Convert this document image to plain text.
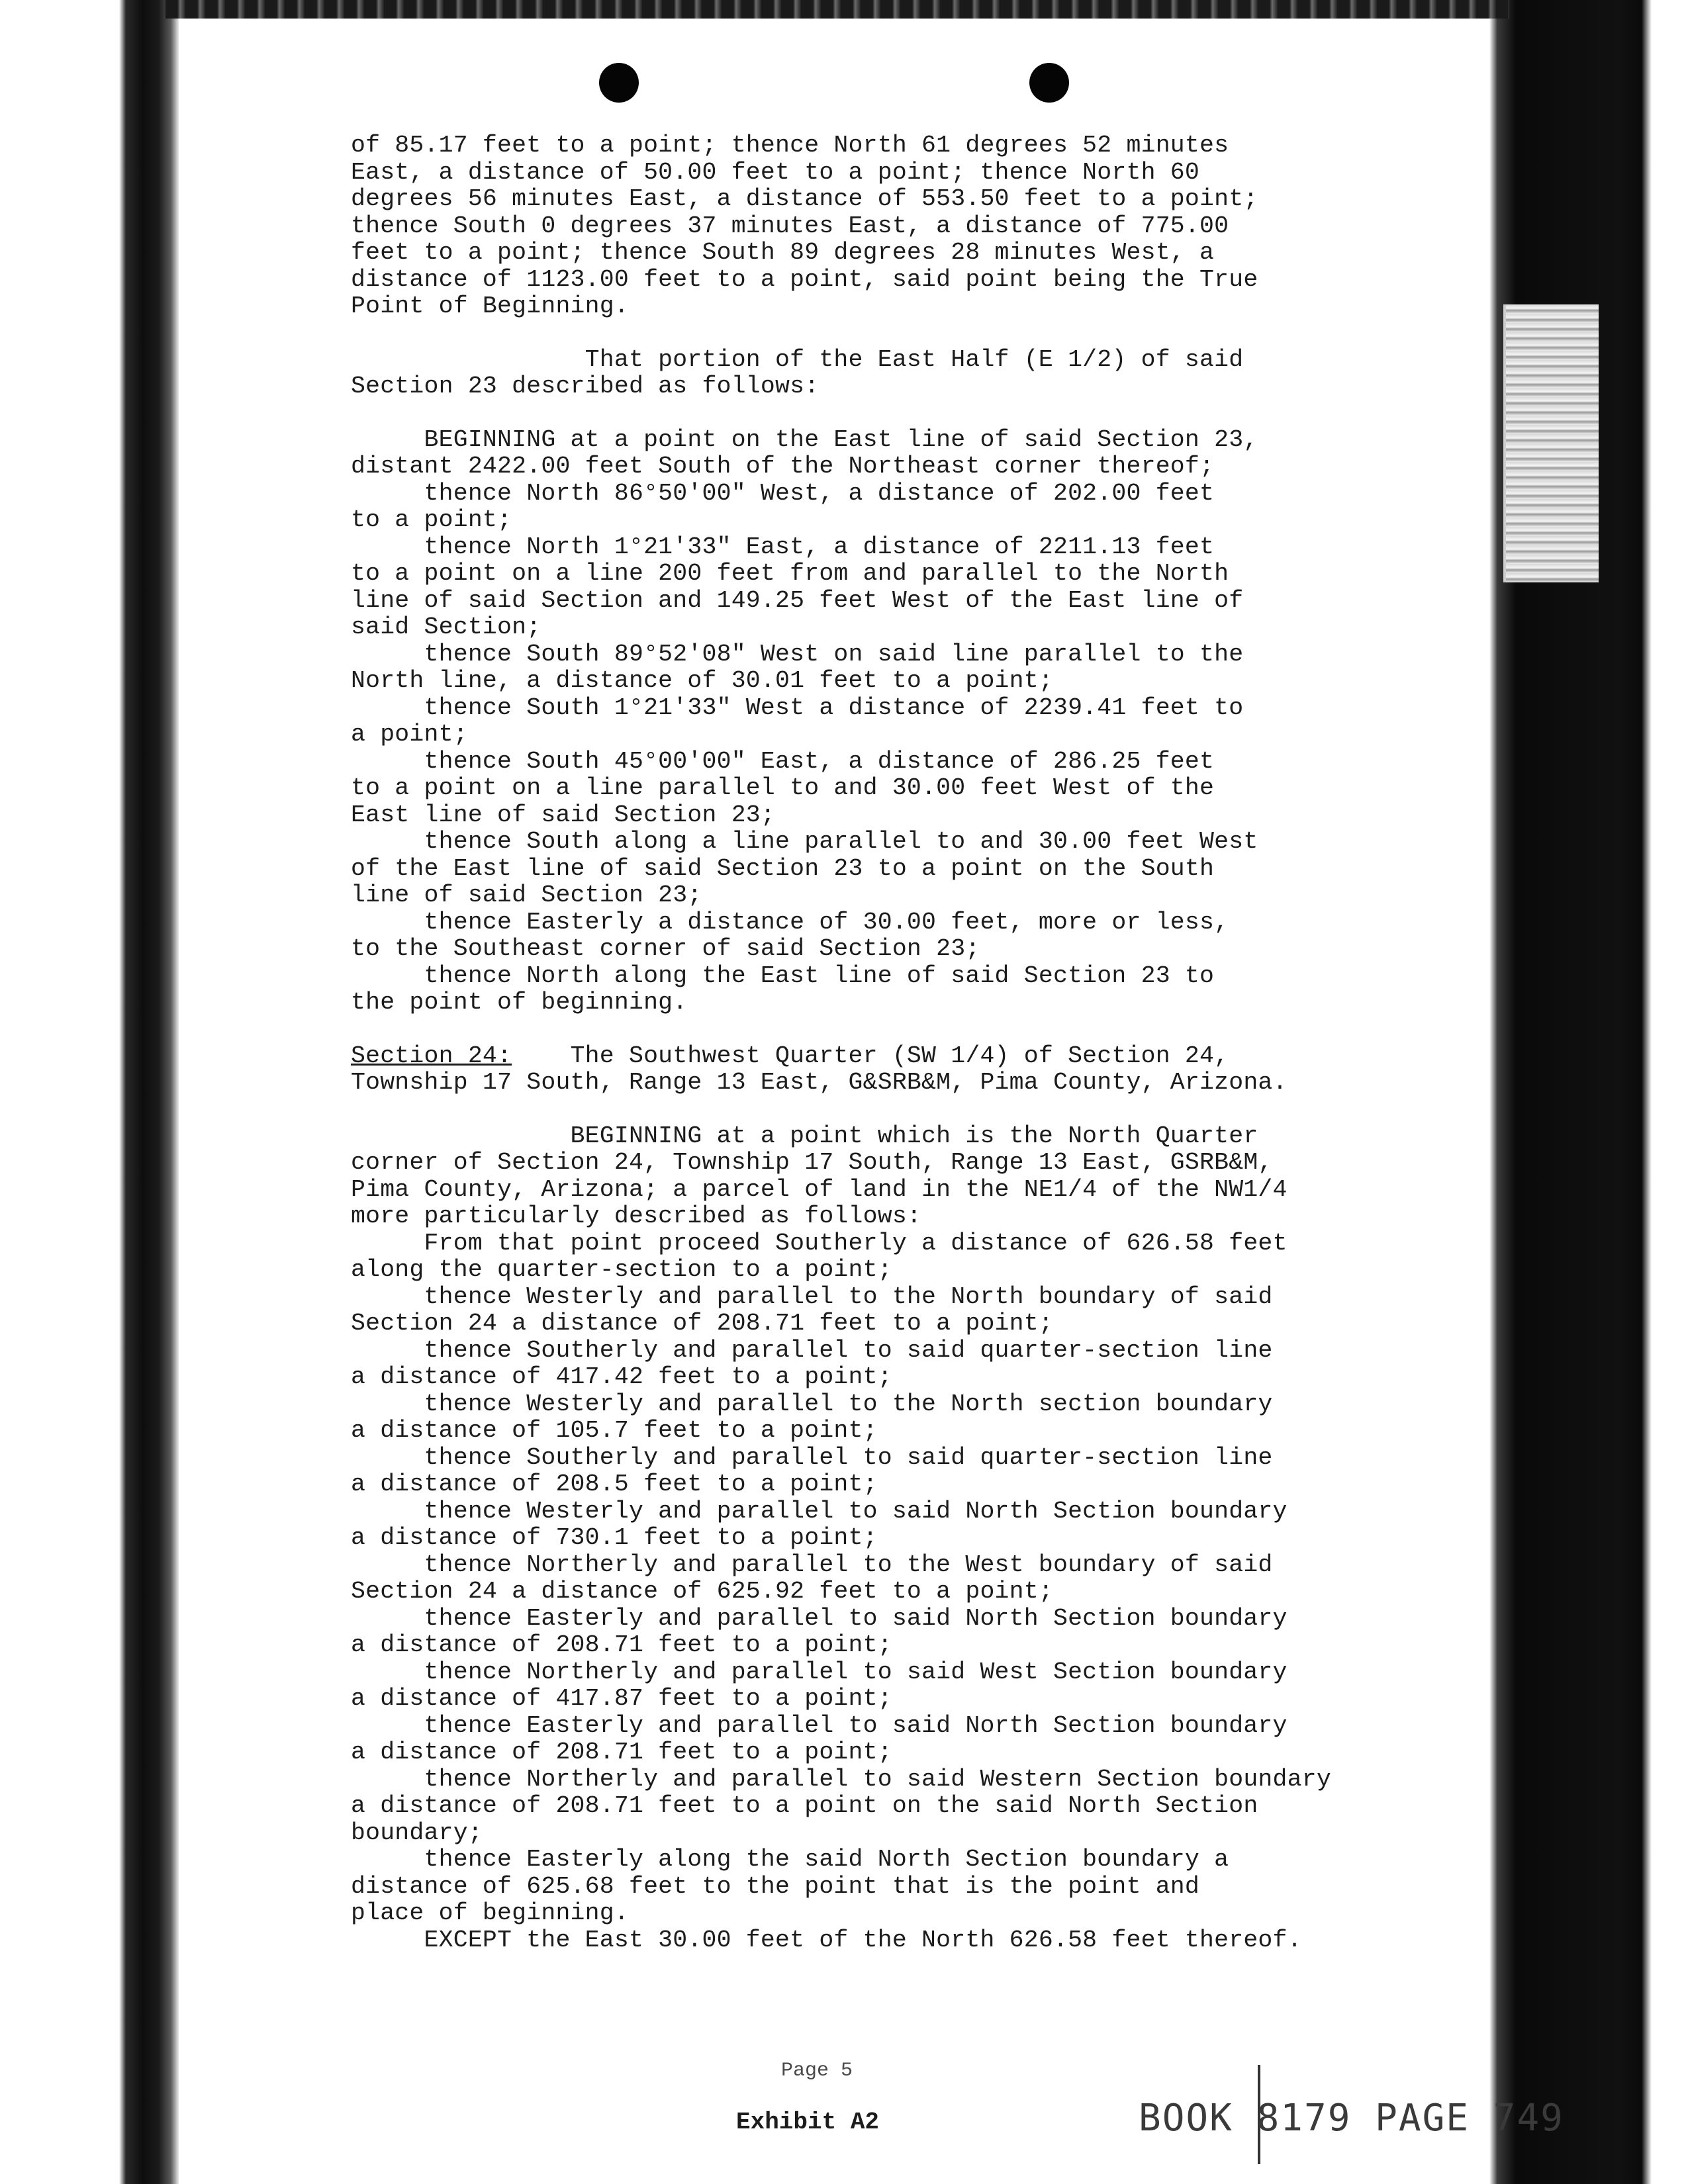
of 85.17 feet to a point; thence North 61 degrees 52 minutes
East, a distance of 50.00 feet to a point; thence North 60
degrees 56 minutes East, a distance of 553.50 feet to a point;
thence South 0 degrees 37 minutes East, a distance of 775.00
feet to a point; thence South 89 degrees 28 minutes West, a
distance of 1123.00 feet to a point, said point being the True
Point of Beginning.
That portion of the East Half (E 1/2) of said
Section 23 described as follows:
BEGINNING at a point on the East line of said Section 23,
distant 2422.00 feet South of the Northeast corner thereof;
thence North 86°50'00" West, a distance of 202.00 feet
to a point;
thence North 1°21'33" East, a distance of 2211.13 feet
to a point on a line 200 feet from and parallel to the North
line of said Section and 149.25 feet West of the East line of
said Section;
thence South 89°52'08" West on said line parallel to the
North line, a distance of 30.01 feet to a point;
thence South 1°21'33" West a distance of 2239.41 feet to
a point;
thence South 45°00'00" East, a distance of 286.25 feet
to a point on a line parallel to and 30.00 feet West of the
East line of said Section 23;
thence South along a line parallel to and 30.00 feet West
of the East line of said Section 23 to a point on the South
line of said Section 23;
thence Easterly a distance of 30.00 feet, more or less,
to the Southeast corner of said Section 23;
thence North along the East line of said Section 23 to
the point of beginning.
Section 24:    The Southwest Quarter (SW 1/4) of Section 24,
Township 17 South, Range 13 East, G&SRB&M, Pima County, Arizona.
BEGINNING at a point which is the North Quarter
corner of Section 24, Township 17 South, Range 13 East, GSRB&M,
Pima County, Arizona; a parcel of land in the NE1/4 of the NW1/4
more particularly described as follows:
From that point proceed Southerly a distance of 626.58 feet
along the quarter-section to a point;
thence Westerly and parallel to the North boundary of said
Section 24 a distance of 208.71 feet to a point;
thence Southerly and parallel to said quarter-section line
a distance of 417.42 feet to a point;
thence Westerly and parallel to the North section boundary
a distance of 105.7 feet to a point;
thence Southerly and parallel to said quarter-section line
a distance of 208.5 feet to a point;
thence Westerly and parallel to said North Section boundary
a distance of 730.1 feet to a point;
thence Northerly and parallel to the West boundary of said
Section 24 a distance of 625.92 feet to a point;
thence Easterly and parallel to said North Section boundary
a distance of 208.71 feet to a point;
thence Northerly and parallel to said West Section boundary
a distance of 417.87 feet to a point;
thence Easterly and parallel to said North Section boundary
a distance of 208.71 feet to a point;
thence Northerly and parallel to said Western Section boundary
a distance of 208.71 feet to a point on the said North Section
boundary;
thence Easterly along the said North Section boundary a
distance of 625.68 feet to the point that is the point and
place of beginning.
EXCEPT the East 30.00 feet of the North 626.58 feet thereof.
Page 5
Exhibit A2	BOOK 8179 PAGE 749
